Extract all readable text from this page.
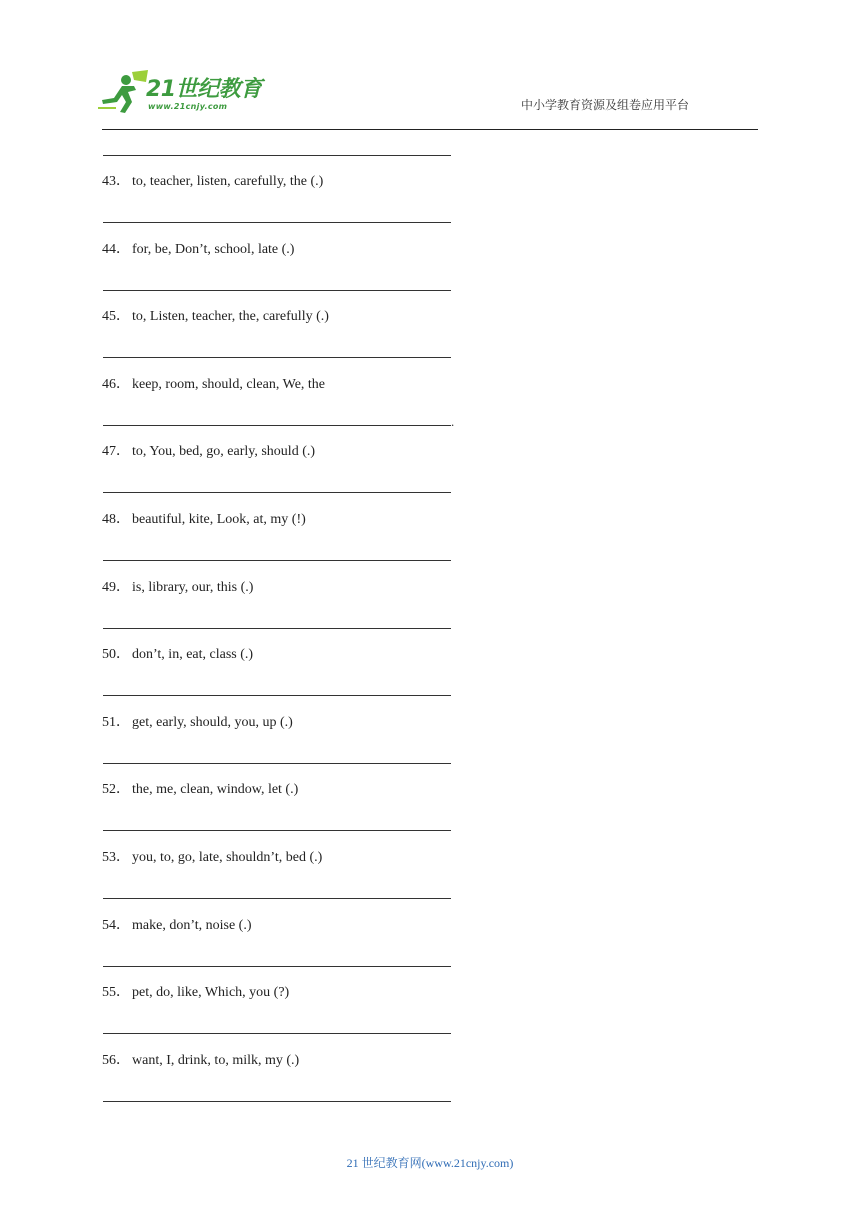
21世纪教育
www.21cnjy.com	中小学教育资源及组卷应用平台
43． to, teacher, listen, carefully, the (.)
44． for, be, Don’t, school, late (.)
45． to, Listen, teacher, the, carefully (.)
46． keep, room, should, clean, We, the
.
47． to, You, bed, go, early, should (.)
48． beautiful, kite, Look, at, my (!)
49． is, library, our, this (.)
50． don’t, in, eat, class (.)
51． get, early, should, you, up (.)
52． the, me, clean, window, let (.)
53． you, to, go, late, shouldn’t, bed (.)
54． make, don’t, noise (.)
55． pet, do, like, Which, you (?)
56． want, I, drink, to, milk, my (.)
21 世纪教育网(www.21cnjy.com)
